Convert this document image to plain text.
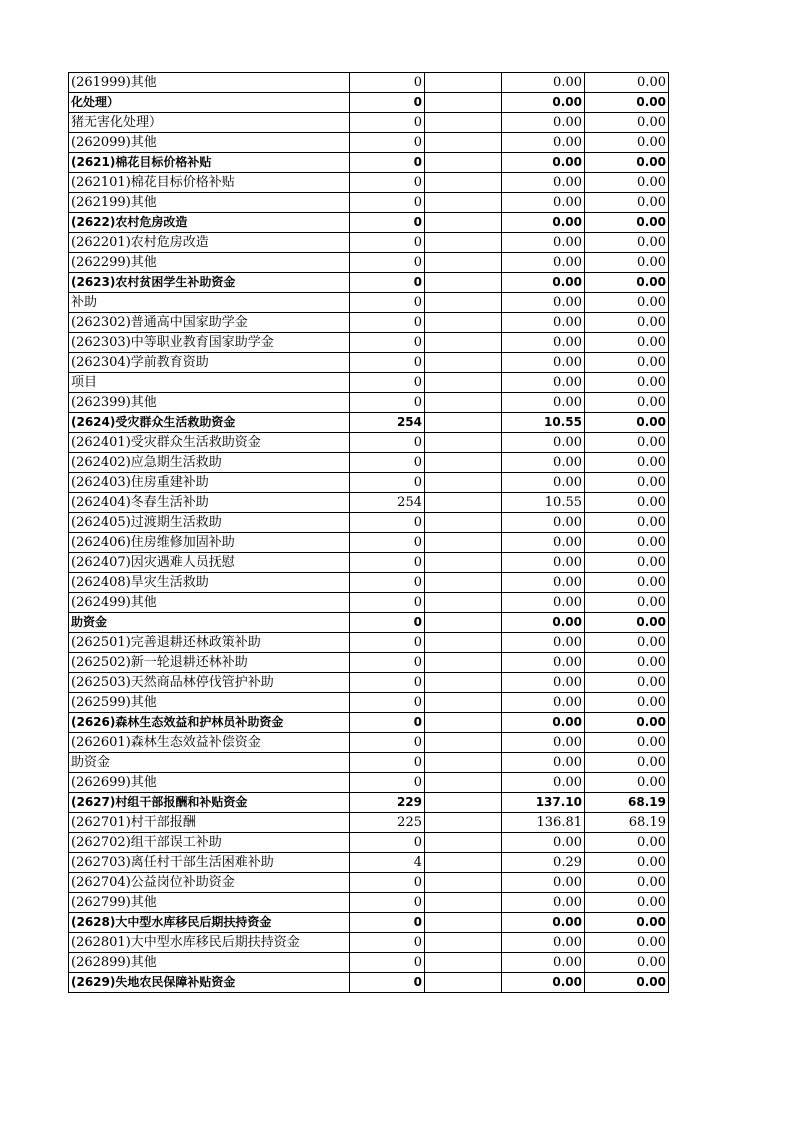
(261999)其他	0		0.00	0.00
化处理）	0		0.00	0.00
猪无害化处理）	0		0.00	0.00
(262099)其他	0		0.00	0.00
(2621)棉花目标价格补贴	0		0.00	0.00
(262101)棉花目标价格补贴	0		0.00	0.00
(262199)其他	0		0.00	0.00
(2622)农村危房改造	0		0.00	0.00
(262201)农村危房改造	0		0.00	0.00
(262299)其他	0		0.00	0.00
(2623)农村贫困学生补助资金	0		0.00	0.00
补助	0		0.00	0.00
(262302)普通高中国家助学金	0		0.00	0.00
(262303)中等职业教育国家助学金	0		0.00	0.00
(262304)学前教育资助	0		0.00	0.00
项目	0		0.00	0.00
(262399)其他	0		0.00	0.00
(2624)受灾群众生活救助资金	254		10.55	0.00
(262401)受灾群众生活救助资金	0		0.00	0.00
(262402)应急期生活救助	0		0.00	0.00
(262403)住房重建补助	0		0.00	0.00
(262404)冬春生活补助	254		10.55	0.00
(262405)过渡期生活救助	0		0.00	0.00
(262406)住房维修加固补助	0		0.00	0.00
(262407)因灾遇难人员抚慰	0		0.00	0.00
(262408)旱灾生活救助	0		0.00	0.00
(262499)其他	0		0.00	0.00
助资金	0		0.00	0.00
(262501)完善退耕还林政策补助	0		0.00	0.00
(262502)新一轮退耕还林补助	0		0.00	0.00
(262503)天然商品林停伐管护补助	0		0.00	0.00
(262599)其他	0		0.00	0.00
(2626)森林生态效益和护林员补助资金	0		0.00	0.00
(262601)森林生态效益补偿资金	0		0.00	0.00
助资金	0		0.00	0.00
(262699)其他	0		0.00	0.00
(2627)村组干部报酬和补贴资金	229		137.10	68.19
(262701)村干部报酬	225		136.81	68.19
(262702)组干部误工补助	0		0.00	0.00
(262703)离任村干部生活困难补助	4		0.29	0.00
(262704)公益岗位补助资金	0		0.00	0.00
(262799)其他	0		0.00	0.00
(2628)大中型水库移民后期扶持资金	0		0.00	0.00
(262801)大中型水库移民后期扶持资金	0		0.00	0.00
(262899)其他	0		0.00	0.00
(2629)失地农民保障补贴资金	0		0.00	0.00
